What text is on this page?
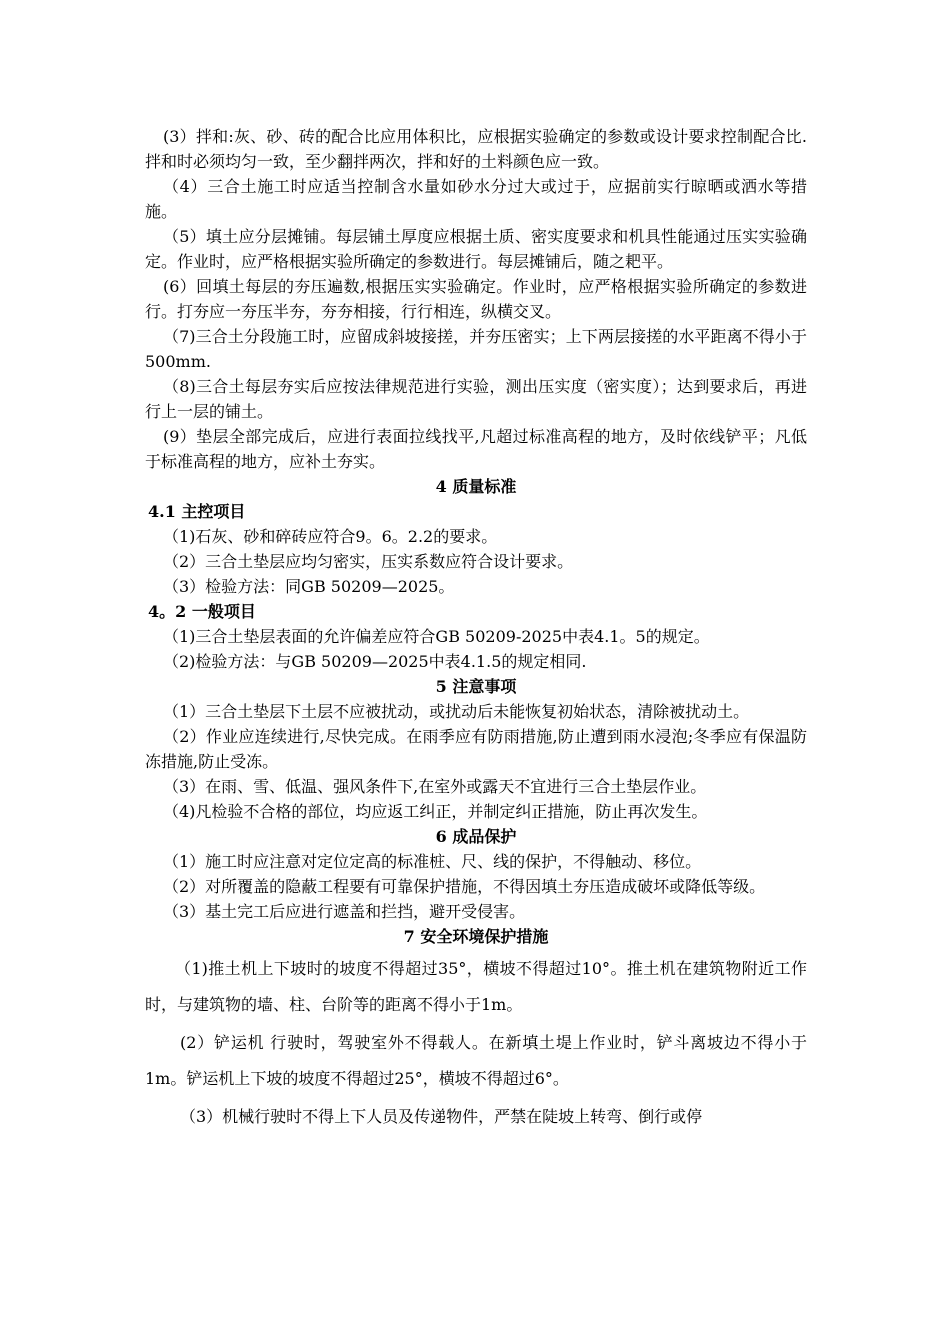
(3）拌和:灰、砂、砖的配合比应用体积比，应根据实验确定的参数或设计要求控制配合比.拌和时必须均匀一致，至少翻拌两次，拌和好的土料颜色应一致。

（4）三合土施工时应适当控制含水量如砂水分过大或过于，应据前实行晾晒或洒水等措施。

（5）填土应分层摊铺。每层铺土厚度应根据土质、密实度要求和机具性能通过压实实验确定。作业时，应严格根据实验所确定的参数进行。每层摊铺后，随之耙平。

(6）回填土每层的夯压遍数,根据压实实验确定。作业时，应严格根据实验所确定的参数进行。打夯应一夯压半夯，夯夯相接，行行相连，纵横交叉。

（7)三合土分段施工时，应留成斜坡接搓，并夯压密实；上下两层接搓的水平距离不得小于500mm.

（8)三合土每层夯实后应按法律规范进行实验，测出压实度（密实度）；达到要求后，再进行上一层的铺土。

(9）垫层全部完成后，应进行表面拉线找平,凡超过标准高程的地方，及时依线铲平；凡低于标准高程的地方，应补土夯实。

4 质量标准

4.1 主控项目

（1)石灰、砂和碎砖应符合9。6。2.2的要求。

（2）三合土垫层应均匀密实，压实系数应符合设计要求。

（3）检验方法：同GB 50209—2025。

4。2 一般项目

（1)三合土垫层表面的允许偏差应符合GB 50209-2025中表4.1。5的规定。

（2)检验方法：与GB 50209—2025中表4.1.5的规定相同.

5 注意事项

（1）三合土垫层下土层不应被扰动，或扰动后未能恢复初始状态，清除被扰动土。

（2）作业应连续进行,尽快完成。在雨季应有防雨措施,防止遭到雨水浸泡;冬季应有保温防冻措施,防止受冻。

（3）在雨、雪、低温、强风条件下,在室外或露天不宜进行三合土垫层作业。

（4)凡检验不合格的部位，均应返工纠正，并制定纠正措施，防止再次发生。

6 成品保护

（1）施工时应注意对定位定高的标准桩、尺、线的保护，不得触动、移位。

（2）对所覆盖的隐蔽工程要有可靠保护措施，不得因填土夯压造成破坏或降低等级。

（3）基土完工后应进行遮盖和拦挡，避开受侵害。

7 安全环境保护措施

（1)推土机上下坡时的坡度不得超过35°，横坡不得超过10°。推土机在建筑物附近工作时，与建筑物的墙、柱、台阶等的距离不得小于1m。

(2）铲运机 行驶时，驾驶室外不得载人。在新填土堤上作业时，铲斗离坡边不得小于1m。铲运机上下坡的坡度不得超过25°，横坡不得超过6°。

（3）机械行驶时不得上下人员及传递物件，严禁在陡坡上转弯、倒行或停
